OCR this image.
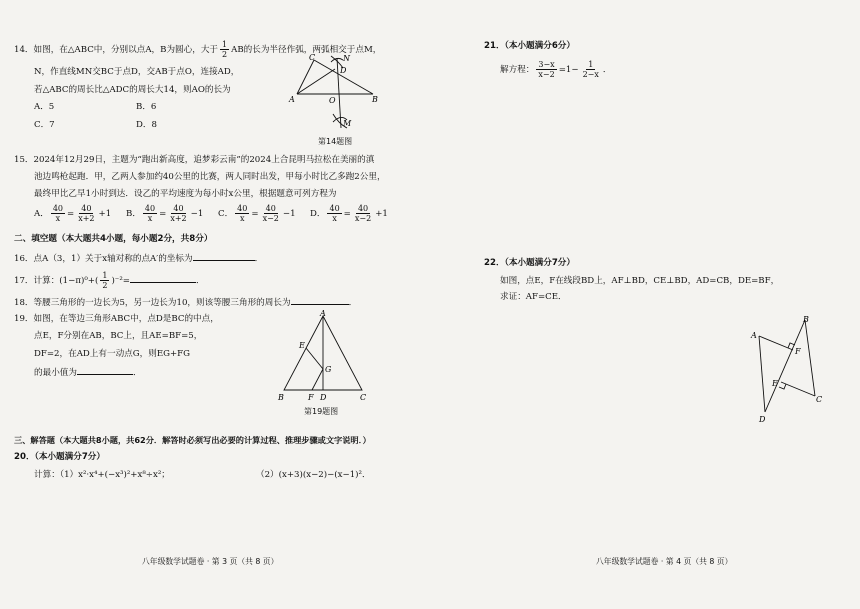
14．如图，在△ABC中，分别以点A，B为圆心，大于 $\frac{1}{2}$ AB的长为半径作弧，两弧相交于点M，
N，作直线MN交BC于点D，交AB于点O，连接AD，
若△ABC的周长比△ADC的周长大14，则AO的长为
A．5	B．6
C．7	D．8
C	N
D
A	O	B
M
第14题图
15．2024年12月29日，主题为“跑出新高度，追梦彩云南”的2024上合昆明马拉松在美丽的滇
池边鸣枪起跑．甲，乙两人参加约40公里的比赛，两人同时出发，甲每小时比乙多跑2公里，
最终甲比乙早1小时到达．设乙的平均速度为每小时x公里，根据题意可列方程为
A． $\frac{40}{x} = \frac{40}{x+2} +1$ B． $\frac{40}{x} = \frac{40}{x+2} -1$ C． $\frac{40}{x} = \frac{40}{x-2} -1$ D． $\frac{40}{x} = \frac{40}{x-2} +1$
二、填空题（本大题共4小题，每小题2分，共8分）
16．点A（3，1）关于x轴对称的点A′的坐标为	．
17．计算：$(1-\pi)^0+( \frac{1}{2} )^{-2}=$	．
18．等腰三角形的一边长为5，另一边长为10，则该等腰三角形的周长为	．
19．如图，在等边三角形ABC中，点D是BC的中点，
点E，F分别在AB，BC上，且AE=BF=5，
DF=2，在AD上有一动点G，则EG+FG
的最小值为	．
A
E
G
B	F D	C
第19题图
三、解答题（本大题共8小题，共62分．解答时必须写出必要的计算过程、推理步骤或文字说明．）
20．（本小题满分7分）
计算：（1）x²·x⁴+(−x³)²+x⁸÷x²；	（2）(x+3)(x−2)−(x−1)²．
八年级数学试题卷 · 第 3 页（共 8 页）
21．（本小题满分6分）
解方程： $\frac{3-x}{x-2} =1- \frac{1}{2-x}$ ．
22．（本小题满分7分）
如图，点E，F在线段BD上，AF⊥BD，CE⊥BD，AD=CB，DE=BF，
求证：AF=CE．
A
B
F
E
C
D
八年级数学试题卷 · 第 4 页（共 8 页）
